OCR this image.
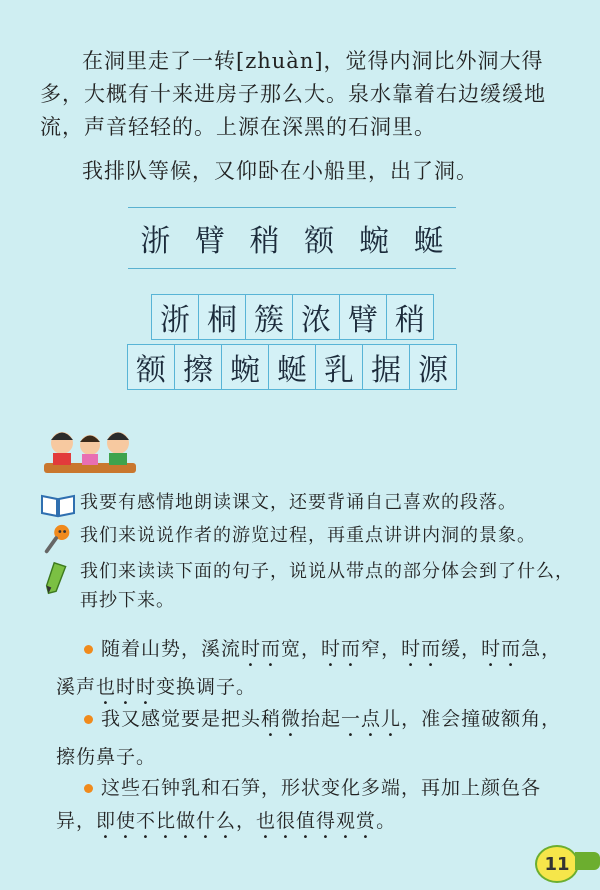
在洞里走了一转[zhuàn]，觉得内洞比外洞大得多，大概有十来进房子那么大。泉水靠着右边缓缓地流，声音轻轻的。上源在深黑的石洞里。

我排队等候，又仰卧在小船里，出了洞。

浙 臂 稍 额 蜿 蜒
浙 桐 簇 浓 臂 稍
额 擦 蜿 蜒 乳 据 源
我要有感情地朗读课文，还要背诵自己喜欢的段落。
我们来说说作者的游览过程，再重点讲讲内洞的景象。
我们来读读下面的句子，说说从带点的部分体会到了什么，再抄下来。
随着山势，溪流时而宽，时而窄，时而缓，时而急，溪声也时时变换调子。
我又感觉要是把头稍微抬起一点儿，准会撞破额角，擦伤鼻子。
这些石钟乳和石笋，形状变化多端，再加上颜色各异，即使不比做什么，也很值得观赏。
11
